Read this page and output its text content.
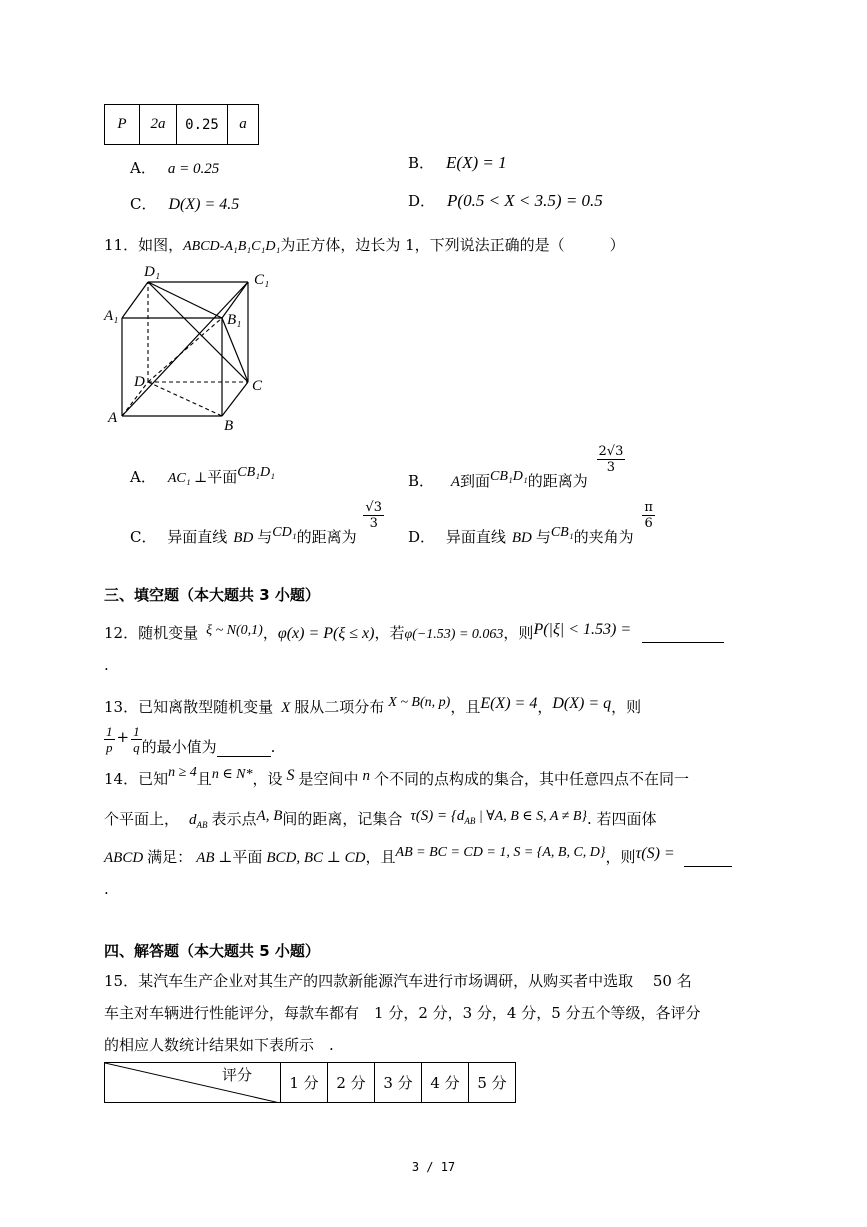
P	2a	0.25	a
A． a = 0.25	B． E(X) = 1
C． D(X) = 4.5	D． P(0.5 < X < 3.5) = 0.5
11．如图，ABCD-A₁B₁C₁D₁为正方体，边长为 1，下列说法正确的是（　　　）
D₁	C₁
A₁	B₁
D	C
A	B
A． AC₁ ⊥平面CB₁D₁	B． A到面CB₁D₁的距离为
$\frac{2√3}{3}$
C． 异面直线 BD 与CD₁的距离为
$\frac{√3}{3}$
D． 异面直线 BD 与CB₁的夹角为
$\frac{\pi}{6}$
三、填空题（本大题共 3 小题）
12．随机变量 ξ ~ N(0,1)，φ(x) = P(ξ ≤ x)，若φ(−1.53) = 0.063，则P(|ξ| < 1.53) =
.
13．已知离散型随机变量 X 服从二项分布 X ~ B(n, p)，且E(X) = 4，D(X) = q，则
$\frac{1}{p} + \frac{1}{q}$ 的最小值为	.
14．已知n ≥ 4且n ∈ N*，设 S 是空间中 n 个不同的点构成的集合，其中任意四点不在同一
个平面上， $d_{AB}$ 表示点A, B间的距离，记集合 $\tau(S) = \{d_{AB}$ | ∀A, B ∈ S, A ≠ B}. 若四面体
ABCD 满足： AB ⊥平面 BCD, BC ⊥ CD，且AB = BC = CD = 1, S = {A, B, C, D}，则τ(S) =
.
四、解答题（本大题共 5 小题）
15．某汽车生产企业对其生产的四款新能源汽车进行市场调研，从购买者中选取　 50 名
车主对车辆进行性能评分，每款车都有　1 分，2 分，3 分，4 分，5 分五个等级，各评分
的相应人数统计结果如下表所示　.
评分	1 分	2 分	3 分	4 分	5 分
3 / 17
